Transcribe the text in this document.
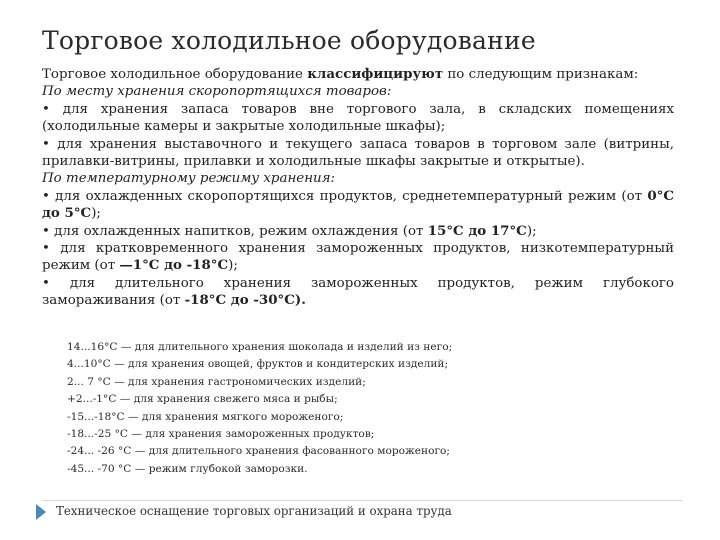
Торговое холодильное оборудование

Торговое холодильное оборудование классифицируют по следующим признакам:

По месту хранения скоропортящихся товаров:

• для хранения запаса товаров вне торгового зала, в складских помещениях (холодильные камеры и закрытые холодильные шкафы);

• для хранения выставочного и текущего запаса товаров в торговом зале (витрины, прилавки-витрины, прилавки и холодильные шкафы закрытые и открытые).

По температурному режиму хранения:

• для охлажденных скоропортящихся продуктов, среднетемпературный режим (от 0°С до 5°С);

• для охлажденных напитков, режим охлаждения (от 15°С до 17°С);

• для кратковременного хранения замороженных продуктов, низкотемпературный режим (от —1°С до -18°С);

• для длительного хранения замороженных продуктов, режим глубокого замораживания (от -18°С до -30°С).

14...16°С — для длительного хранения шоколада и изделий из него;
4...10°С — для хранения овощей, фруктов и кондитерских изделий;
2... 7 °С — для хранения гастрономических изделий;
+2...-1°С — для хранения свежего мяса и рыбы;
-15...-18°С — для хранения мягкого мороженого;
-18...-25 °С — для хранения замороженных продуктов;
-24... -26 °С — для длительного хранения фасованного мороженого;
-45... -70 °С — режим глубокой заморозки.
Техническое оснащение торговых организаций и охрана труда
